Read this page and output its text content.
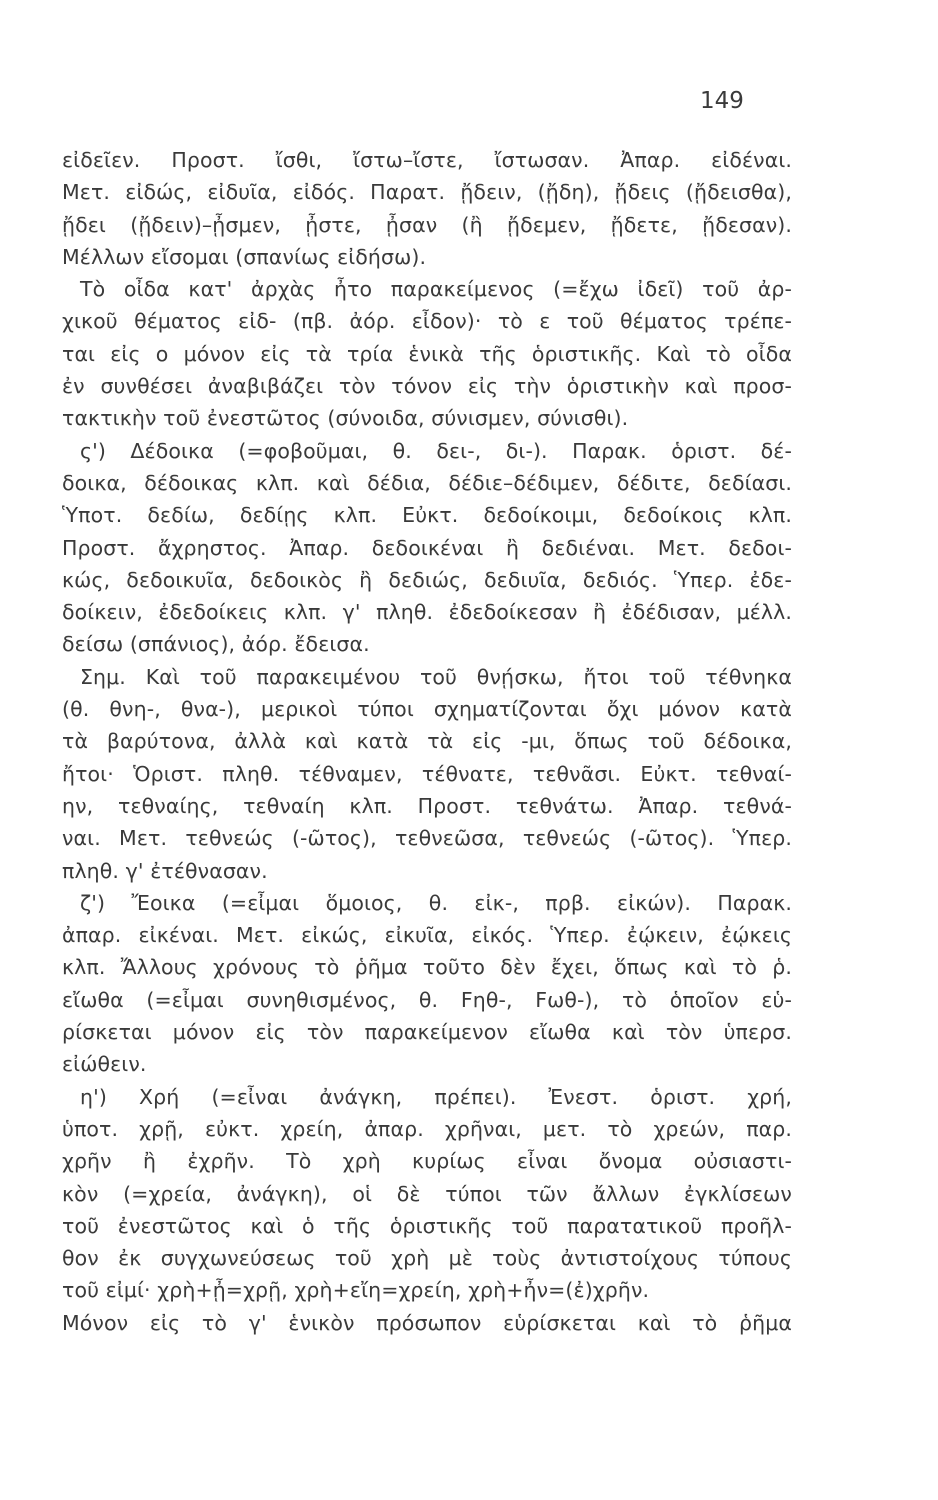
149
εἰδεῖεν. Προστ. ἴσθι, ἴστω–ἴστε, ἴστωσαν. Ἀπαρ. εἰδέναι.
Μετ. εἰδώς, εἰδυῖα, εἰδός. Παρατ. ᾔδειν, (ᾔδη), ᾔδεις (ᾔδεισθα),
ᾔδει (ᾔδειν)–ᾖσμεν, ᾖστε, ᾖσαν (ἢ ᾔδεμεν, ᾔδετε, ᾔδεσαν).
Μέλλων εἴσομαι (σπανίως εἰδήσω).
Τὸ οἶδα κατ' ἀρχὰς ἦτο παρακείμενος (=ἔχω ἰδεῖ) τοῦ ἀρ-
χικοῦ θέματος εἰδ- (πβ. ἀόρ. εἶδον)· τὸ ε τοῦ θέματος τρέπε-
ται εἰς ο μόνον εἰς τὰ τρία ἑνικὰ τῆς ὁριστικῆς. Καὶ τὸ οἶδα
ἐν συνθέσει ἀναβιβάζει τὸν τόνον εἰς τὴν ὁριστικὴν καὶ προσ-
τακτικὴν τοῦ ἐνεστῶτος (σύνοιδα, σύνισμεν, σύνισθι).
ς') Δέδοικα (=φοβοῦμαι, θ. δει-, δι-). Παρακ. ὁριστ. δέ-
δοικα, δέδοικας κλπ. καὶ δέδια, δέδιε–δέδιμεν, δέδιτε, δεδίασι.
Ὑποτ. δεδίω, δεδίῃς κλπ. Εὐκτ. δεδοίκοιμι, δεδοίκοις κλπ.
Προστ. ἄχρηστος. Ἀπαρ. δεδοικέναι ἢ δεδιέναι. Μετ. δεδοι-
κώς, δεδοικυῖα, δεδοικὸς ἢ δεδιώς, δεδιυῖα, δεδιός. Ὑπερ. ἐδε-
δοίκειν, ἐδεδοίκεις κλπ. γ' πληθ. ἐδεδοίκεσαν ἢ ἐδέδισαν, μέλλ.
δείσω (σπάνιος), ἀόρ. ἔδεισα.
Σημ. Καὶ τοῦ παρακειμένου τοῦ θνῄσκω, ἤτοι τοῦ τέθνηκα
(θ. θνη-, θνα-), μερικοὶ τύποι σχηματίζονται ὄχι μόνον κατὰ
τὰ βαρύτονα, ἀλλὰ καὶ κατὰ τὰ εἰς -μι, ὅπως τοῦ δέδοικα,
ἤτοι· Ὁριστ. πληθ. τέθναμεν, τέθνατε, τεθνᾶσι. Εὐκτ. τεθναί-
ην, τεθναίης, τεθναίη κλπ. Προστ. τεθνάτω. Ἀπαρ. τεθνά-
ναι. Μετ. τεθνεώς (-ῶτος), τεθνεῶσα, τεθνεώς (-ῶτος). Ὑπερ.
πληθ. γ' ἐτέθνασαν.
ζ') Ἔοικα (=εἶμαι ὅμοιος, θ. εἰκ-, πρβ. εἰκών). Παρακ.
ἀπαρ. εἰκέναι. Μετ. εἰκώς, εἰκυῖα, εἰκός. Ὑπερ. ἐῴκειν, ἐῴκεις
κλπ. Ἄλλους χρόνους τὸ ῥῆμα τοῦτο δὲν ἔχει, ὅπως καὶ τὸ ῥ.
εἴωθα (=εἶμαι συνηθισμένος, θ. Ϝηθ-, Ϝωθ-), τὸ ὁποῖον εὑ-
ρίσκεται μόνον εἰς τὸν παρακείμενον εἴωθα καὶ τὸν ὑπερσ.
εἰώθειν.
η') Χρή (=εἶναι ἀνάγκη, πρέπει). Ἐνεστ. ὁριστ. χρή,
ὑποτ. χρῇ, εὐκτ. χρείη, ἀπαρ. χρῆναι, μετ. τὸ χρεών, παρ.
χρῆν ἢ ἐχρῆν. Τὸ χρὴ κυρίως εἶναι ὄνομα οὐσιαστι-
κὸν (=χρεία, ἀνάγκη), οἱ δὲ τύποι τῶν ἄλλων ἐγκλίσεων
τοῦ ἐνεστῶτος καὶ ὁ τῆς ὁριστικῆς τοῦ παρατατικοῦ προῆλ-
θον ἐκ συγχωνεύσεως τοῦ χρὴ μὲ τοὺς ἀντιστοίχους τύπους
τοῦ εἰμί· χρὴ+ᾖ=χρῇ, χρὴ+εἴη=χρείη, χρὴ+ἦν=(ἐ)χρῆν.
Μόνον εἰς τὸ γ' ἑνικὸν πρόσωπον εὑρίσκεται καὶ τὸ ῥῆμα
